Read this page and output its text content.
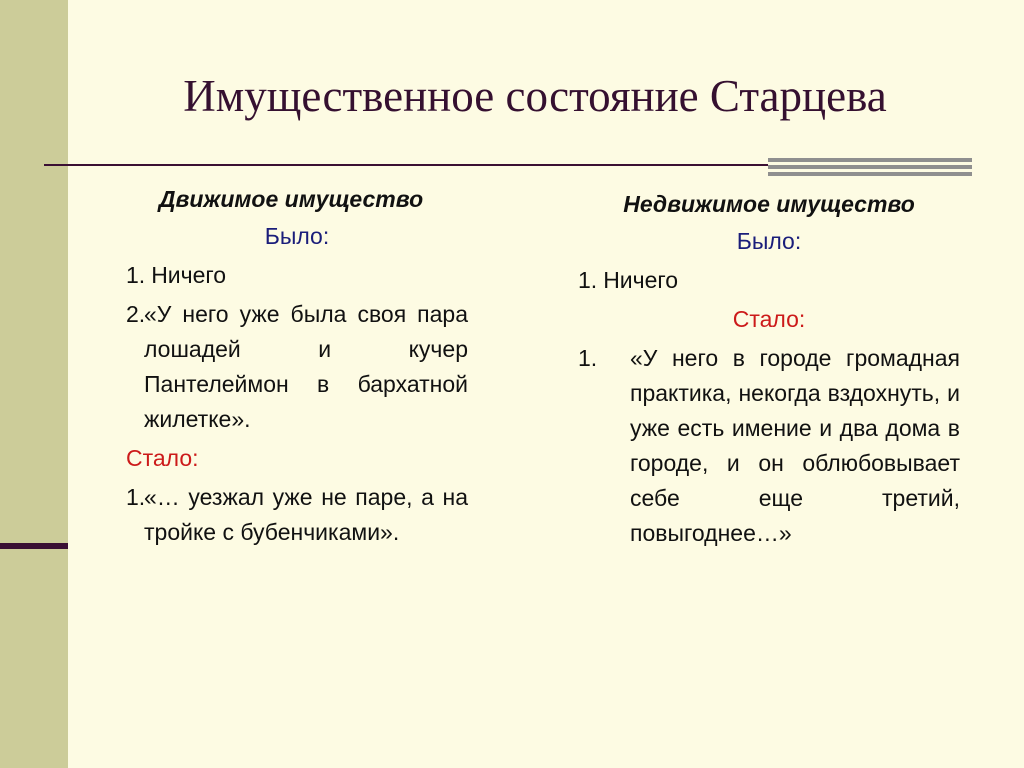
Имущественное состояние Старцева
Движимое имущество
Было:
1. Ничего
2.
«У него уже была своя пара лошадей и кучер Пантелеймон в бархатной жилетке».
Стало:
1.
«… уезжал уже не паре, а на тройке с бубенчиками».
Недвижимое имущество
Было:
1. Ничего
Стало:
1.	«У него в городе громадная практика, некогда вздохнуть, и уже есть имение и два дома в городе, и он облюбовывает себе еще третий, повыгоднее…»
